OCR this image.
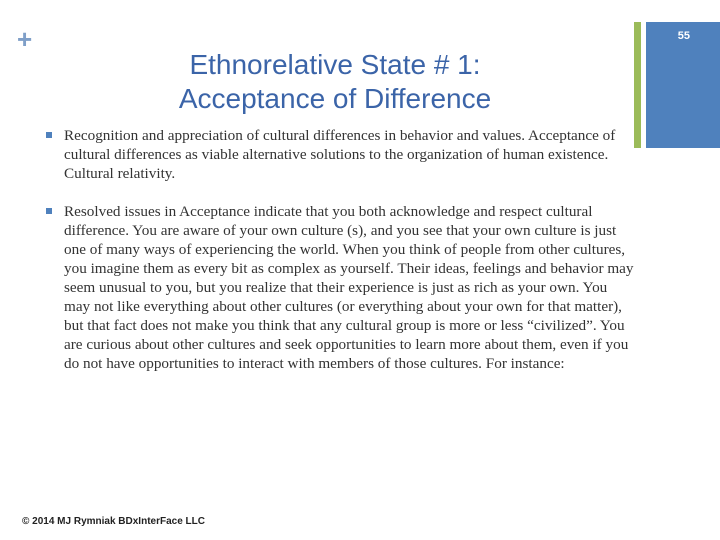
+	55
Ethnorelative State # 1:
Acceptance of Difference
Recognition and appreciation of cultural differences in behavior and values. Acceptance of cultural differences as viable alternative solutions to the organization of human existence. Cultural relativity.
Resolved issues in Acceptance indicate that you both acknowledge and respect cultural difference. You are aware of your own culture (s), and you see that your own culture is just one of many ways of experiencing the world. When you think of people from other cultures, you imagine them as every bit as complex as yourself. Their ideas, feelings and behavior may seem unusual to you, but you realize that their experience is just as rich as your own. You may not like everything about other cultures (or everything about your own for that matter), but that fact does not make you think that any cultural group is more or less “civilized”. You are curious about other cultures and seek opportunities to learn more about them, even if you do not have opportunities to interact with members of those cultures. For instance:
© 2014 MJ Rymniak BDxInterFace LLC
